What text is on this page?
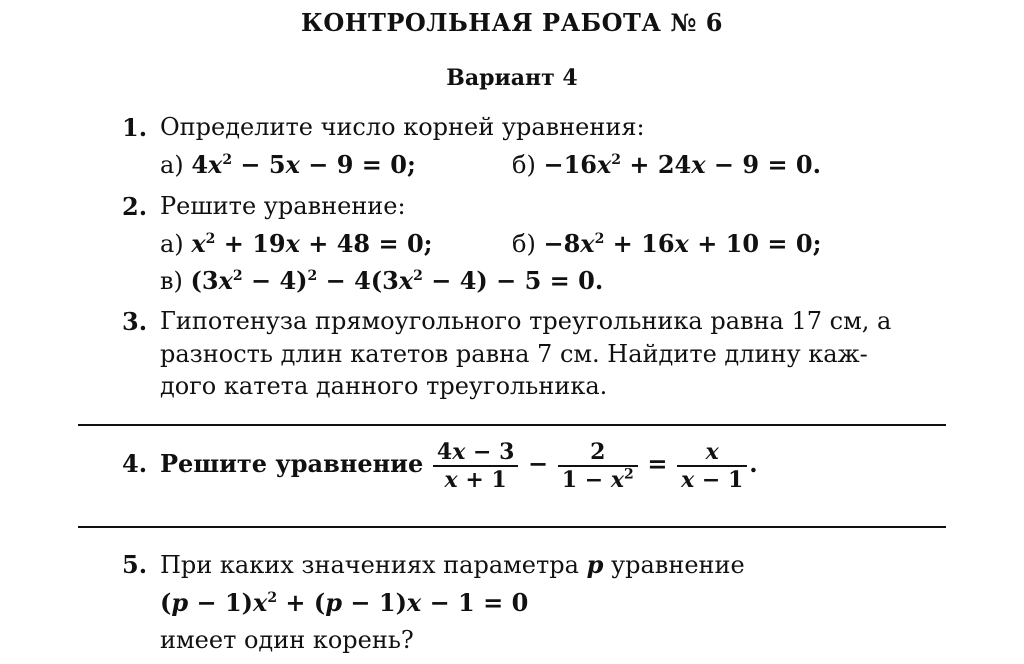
КОНТРОЛЬНАЯ РАБОТА № 6
Вариант 4
1. Определите число корней уравнения:
а) $4x^2 - 5x - 9 = 0$;	$б) -16x^2 + 24x - 9 = 0$.
2. Решите уравнение:
а) $x^2 + 19x + 48 = 0$;	$б) -8x^2 + 16x + 10 = 0$;
в) $(3x^2 - 4)^2 - 4(3x^2 - 4) - 5 = 0$.
3. Гипотенуза прямоугольного треугольника равна 17 см, а
разность длин катетов равна 7 см. Найдите длину каж-
дого катета данного треугольника.
4. Решите уравнение $\frac{4x - 3}{x + 1} - \frac{2}{1 - x^2} = \frac{x}{x - 1}$ .
5. При каких значениях параметра p уравнение
$(p - 1)x^2 + (p - 1)x - 1 = 0$
имеет один корень?
